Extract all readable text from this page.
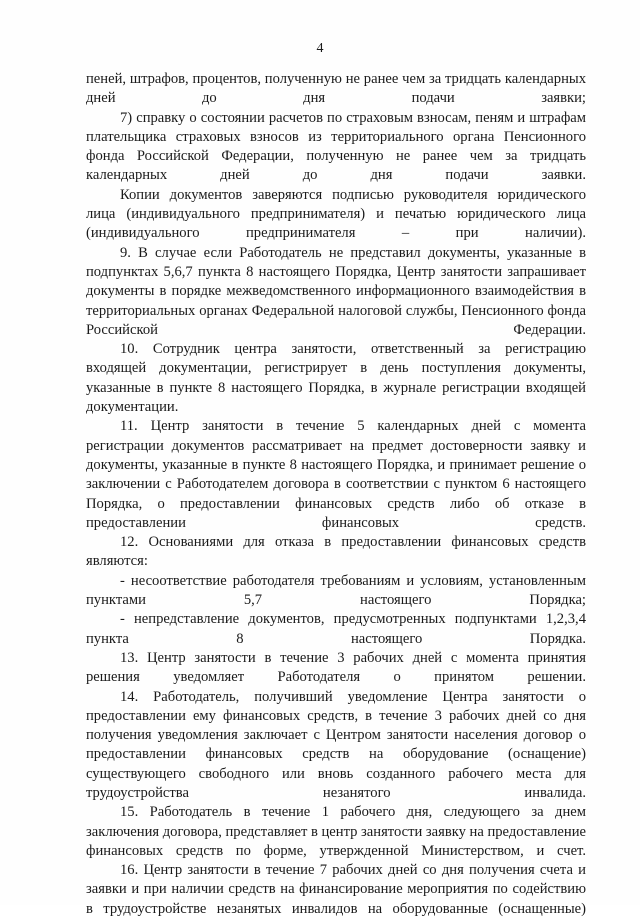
4
пеней, штрафов, процентов, полученную не ранее чем за тридцать календарных
дней до дня подачи заявки;
7) справку о состоянии расчетов по страховым взносам, пеням и штрафам
плательщика страховых взносов из территориального органа Пенсионного
фонда Российской Федерации, полученную не ранее чем за тридцать
календарных дней до дня подачи заявки.
Копии документов заверяются подписью руководителя юридического
лица (индивидуального предпринимателя) и печатью юридического лица
(индивидуального предпринимателя – при наличии).
9. В случае если Работодатель не представил документы, указанные в
подпунктах 5,6,7 пункта 8 настоящего Порядка, Центр занятости запрашивает
документы в порядке межведомственного информационного взаимодействия в
территориальных органах Федеральной налоговой службы, Пенсионного фонда
Российской Федерации.
10. Сотрудник центра занятости, ответственный за регистрацию
входящей документации, регистрирует в день поступления документы,
указанные в пункте 8 настоящего Порядка, в журнале регистрации входящей
документации.
11. Центр занятости в течение 5 календарных дней с момента
регистрации документов рассматривает на предмет достоверности заявку и
документы, указанные в пункте 8 настоящего Порядка, и принимает решение о
заключении с Работодателем договора в соответствии с пунктом 6 настоящего
Порядка, о предоставлении финансовых средств либо об отказе в
предоставлении финансовых средств.
12. Основаниями для отказа в предоставлении финансовых средств
являются:
- несоответствие работодателя требованиям и условиям, установленным
пунктами 5,7 настоящего Порядка;
- непредставление документов, предусмотренных подпунктами 1,2,3,4
пункта 8 настоящего Порядка.
13. Центр занятости в течение 3 рабочих дней с момента принятия
решения уведомляет Работодателя о принятом решении.
14. Работодатель, получивший уведомление Центра занятости о
предоставлении ему финансовых средств, в течение 3 рабочих дней со дня
получения уведомления заключает с Центром занятости населения договор о
предоставлении финансовых средств на оборудование (оснащение)
существующего свободного или вновь созданного рабочего места для
трудоустройства незанятого инвалида.
15. Работодатель в течение 1 рабочего дня, следующего за днем
заключения договора, представляет в центр занятости заявку на предоставление
финансовых средств по форме, утвержденной Министерством, и счет.
16. Центр занятости в течение 7 рабочих дней со дня получения счета и
заявки и при наличии средств на финансирование мероприятия по содействию
в трудоустройстве незанятых инвалидов на оборудованные (оснащенные)
